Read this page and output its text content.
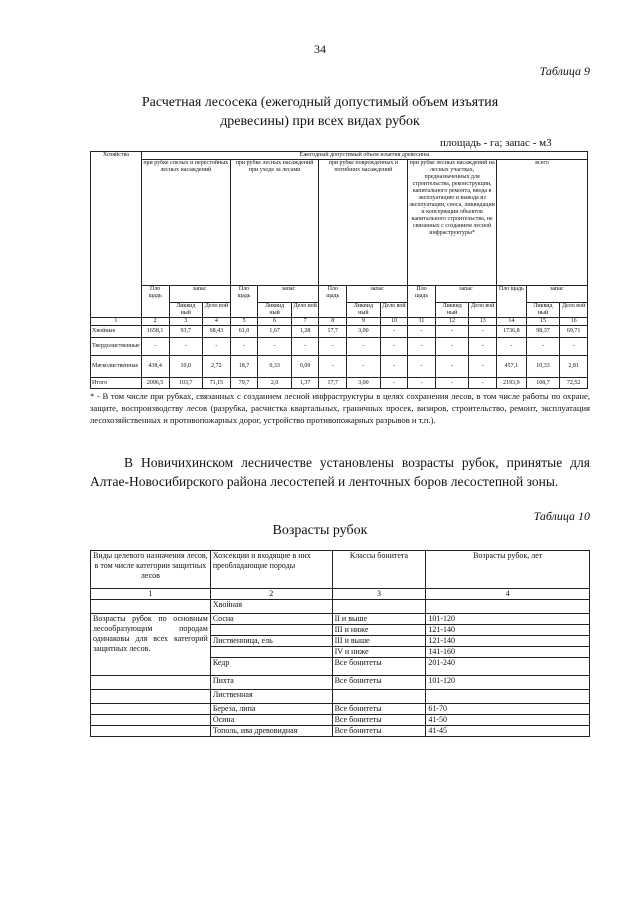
34
Таблица 9
Расчетная лесосека (ежегодный допустимый объем изъятия
древесины) при всех видах рубок
площадь - га; запас - м3
Хозяйства	Ежегодный допустимый объем изъятия древесины														
	при рубке спелых и перестойных лесных насаждений			при рубке лесных насаждений при уходе за лесами			при рубке поврежденных и погибших насаждений			при рубке лесных насаждений на лесных участках, предназначенных для строительства, реконструкции, капитального ремонта, ввода в эксплуатацию и вывода из эксплуатации, сноса, ликвидации и консервации объектов капитального строительства, не связанных с созданием лесной инфраструктуры*			всего		
	Пло щадь	запас		Пло щадь	запас		Пло щадь	запас		Пло щадь	запас		Пло щадь	запас	
		Ликвид ный	Дело вой		Ликвид ный	Дело вой		Ликвид ный	Дело вой		Ликвид ный	Дело вой		Ликвид ный	Дело вой
1	2	3	4	5	6	7	8	9	10	11	12	13	14	15	16
Хвойные	1658,1	93,7	68,43	61,0	1,67	1,28	17,7	3,00	-	-	-	-	1736,8	98,37	69,71
Твердолиственные	-	-	-	-	-	-	-	-	-	-	-	-	-	-	-
Мягколиственные	438,4	10,0	2,72	18,7	0,33	0,09	-	-	-	-	-	-	457,1	10,33	2,81
Итого	2096,5	103,7	71,15	79,7	2,0	1,37	17,7	3,00	-	-	-	-	2193,9	108,7	72,52
* - В том числе при рубках, связанных с созданием лесной инфраструктуры в целях сохранения лесов, в том числе работы по охране, защите, воспроизводству лесов (разрубка, расчистка квартальных, граничных просек, визиров, строительство, ремонт, эксплуатация лесохозяйственных и противопожарных дорог, устройство противопожарных разрывов и т.п.).
В Новичихинском лесничестве установлены возрасты рубок, принятые для Алтае-Новосибирского района лесостепей и ленточных боров лесостепной зоны.
Таблица 10
Возрасты рубок
Виды целевого назначения лесов, в том числе категории защитных лесов	Хозсекции и входящие в них преобладающие породы	Классы бонитета	Возрасты рубок, лет
1	2	3	4
	Хвойная		
Возрасты рубок по основным лесообразующим породам одинаковы для всех категорий защитных лесов.	Сосна	II и выше	101-120
		III и ниже	121-140
	Лиственница, ель	III и выше	121-140
		IV и ниже	141-160
	Кедр	Все бонитеты	201-240
	Пихта	Все бонитеты	101-120
	Лиственная		
	Береза, липа	Все бонитеты	61-70
	Осина	Все бонитеты	41-50
	Тополь, ива древовидная	Все бонитеты	41-45
